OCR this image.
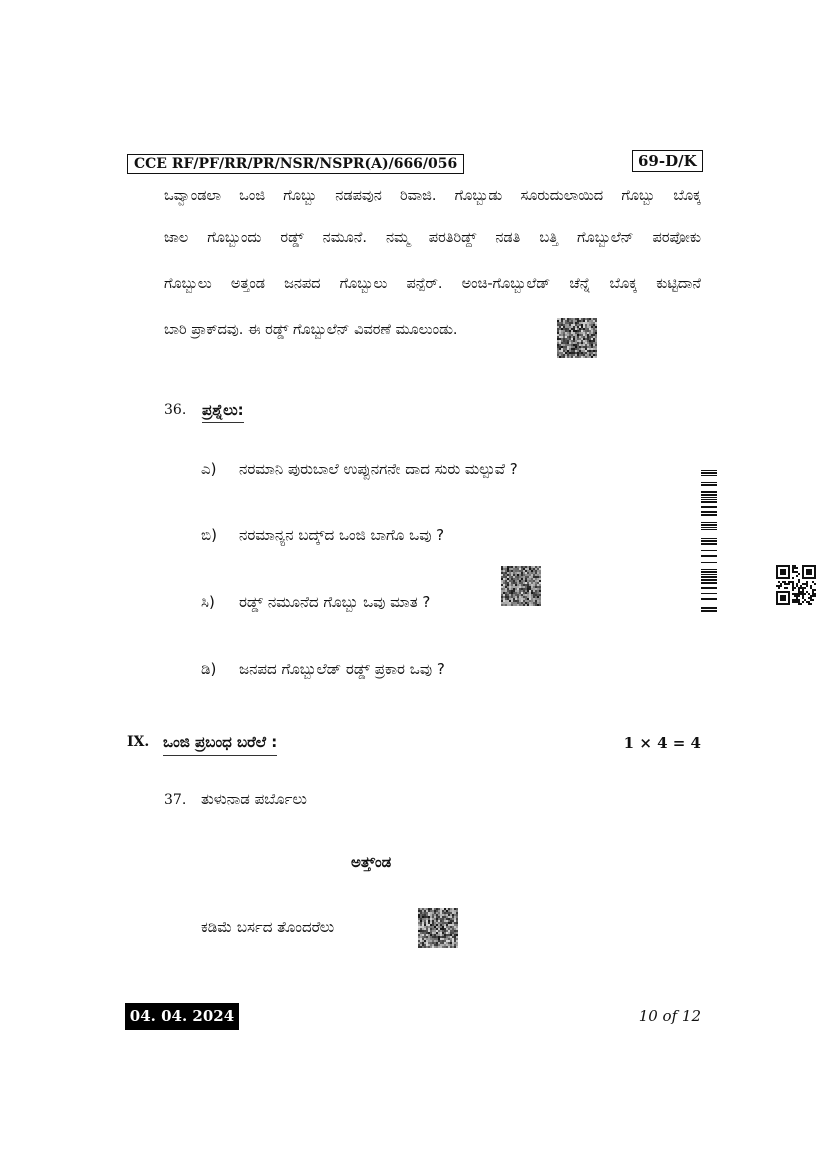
CCE RF/PF/RR/PR/NSR/NSPR(A)/666/056	69-D/K
ಒವ್ವಾಂಡಲಾ ಒಂಜಿ ಗೊಬ್ಬು ನಡಪವುನ ರಿವಾಜಿ. ಗೊಬ್ಬುಡು ಸೂರುದುಲಾಯಿದ ಗೊಬ್ಬು ಬೊಕ್ಕ
ಜಾಲ ಗೊಬ್ಬುಂದು ರಡ್ಡ್ ನಮೂನೆ. ನಮ್ಮ ಪರತಿರಿಡ್ದ್ ನಡತಿ ಬತ್ತಿ ಗೊಬ್ಬುಲೆನ್ ಪರಪೋಕು
ಗೊಬ್ಬುಲು ಅತ್ತಂಡ ಜನಪದ ಗೊಬ್ಬುಲು ಪನ್ಪೆರ್. ಅಂಚಿ-ಗೊಬ್ಬುಲೆಡ್ ಚೆನ್ನೆ ಬೊಕ್ಕ ಕುಟ್ಟಿದಾನೆ
ಬಾರಿ ಪ್ರಾಕ್‌ದವು. ಈ ರಡ್ಡ್ ಗೊಬ್ಬುಲೆನ್ ವಿವರಣೆ ಮೂಲುಂಡು.
36. ಪ್ರಶ್ನೆಲು:
ಎ) ನರಮಾನಿ ಪುರುಬಾಲೆ ಉಪ್ಪುನಗನೇ ದಾದ ಸುರು ಮಲ್ಪುವೆ ?
ಬಿ) ನರಮಾನ್ಯನ ಬದ್ಕ್‌ದ ಒಂಜಿ ಬಾಗೊ ಒವು ?
ಸಿ) ರಡ್ಡ್ ನಮೂನೆದ ಗೊಬ್ಬು ಒವು ಮಾತ ?
ಡಿ) ಜನಪದ ಗೊಬ್ಬುಲೆಡ್ ರಡ್ಡ್ ಪ್ರಕಾರ ಒವು ?
IX. ಒಂಜಿ ಪ್ರಬಂಧ ಬರೆಲೆ :	1 × 4 = 4
37. ತುಳುನಾಡ ಪರ್ಬೊಲು
ಅತ್ತ್‌ಂಡ
ಕಡಿಮೆ ಬರ್ಸದ ತೊಂದರೆಲು
04. 04. 2024	10 of 12
